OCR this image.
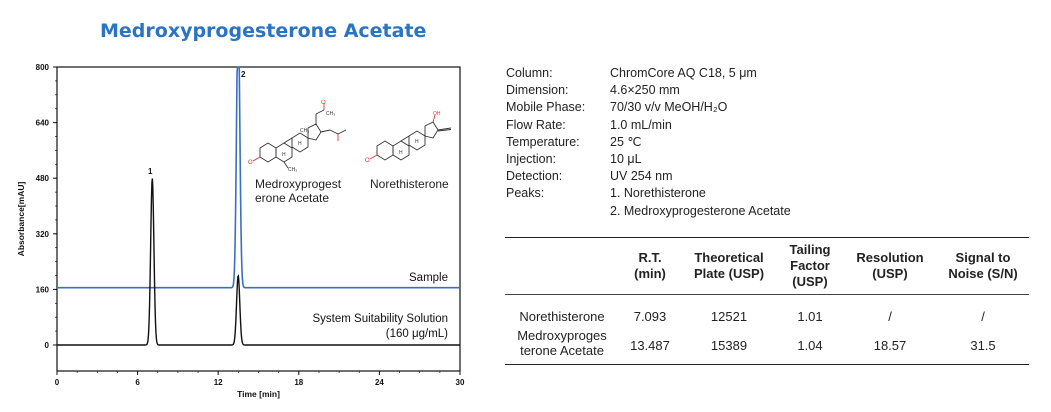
Medroxyprogesterone Acetate
0	6	12	18	24	30
0
160
320
480
640
800
Time [min]
Absorbance[mAU]
2
1
Sample
System Suitability Solution
(160 μg/mL)
O
O
CH₃
CH₃
CH₃
H
H
O
OH
H
H
Medroxyprogest erone Acetate
Norethisterone
Column:	ChromCore AQ C18, 5 μm
Dimension:	4.6×250 mm
Mobile Phase:	70/30 v/v MeOH/H₂O
Flow Rate:	1.0 mL/min
Temperature:	25 ℃
Injection:	10 μL
Detection:	UV 254 nm
Peaks:	1. Norethisterone
2. Medroxyprogesterone Acetate
	R.T. (min)	Theoretical Plate (USP)	Tailing Factor (USP)	Resolution (USP)	Signal to Noise (S/N)
Norethisterone	7.093	12521	1.01	/	/
Medroxyproges terone Acetate	13.487	15389	1.04	18.57	31.5
